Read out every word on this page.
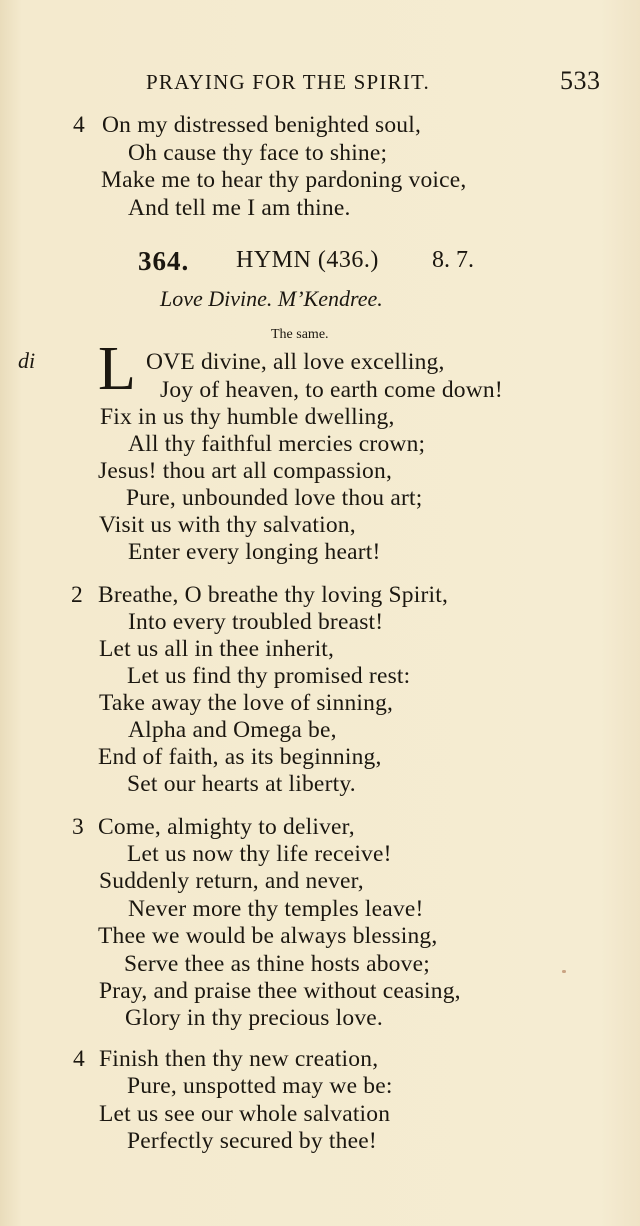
PRAYING FOR THE SPIRIT.	533
4 On my distressed benighted soul,
Oh cause thy face to shine;
Make me to hear thy pardoning voice,
And tell me I am thine.
364. HYMN (436.) 8. 7.
Love Divine. M’Kendree.
The same.
di L OVE divine, all love excelling,
Joy of heaven, to earth come down!
Fix in us thy humble dwelling,
All thy faithful mercies crown;
Jesus! thou art all compassion,
Pure, unbounded love thou art;
Visit us with thy salvation,
Enter every longing heart!
2 Breathe, O breathe thy loving Spirit,
Into every troubled breast!
Let us all in thee inherit,
Let us find thy promised rest:
Take away the love of sinning,
Alpha and Omega be,
End of faith, as its beginning,
Set our hearts at liberty.
3 Come, almighty to deliver,
Let us now thy life receive!
Suddenly return, and never,
Never more thy temples leave!
Thee we would be always blessing,
Serve thee as thine hosts above;
Pray, and praise thee without ceasing,
Glory in thy precious love.
4 Finish then thy new creation,
Pure, unspotted may we be:
Let us see our whole salvation
Perfectly secured by thee!
